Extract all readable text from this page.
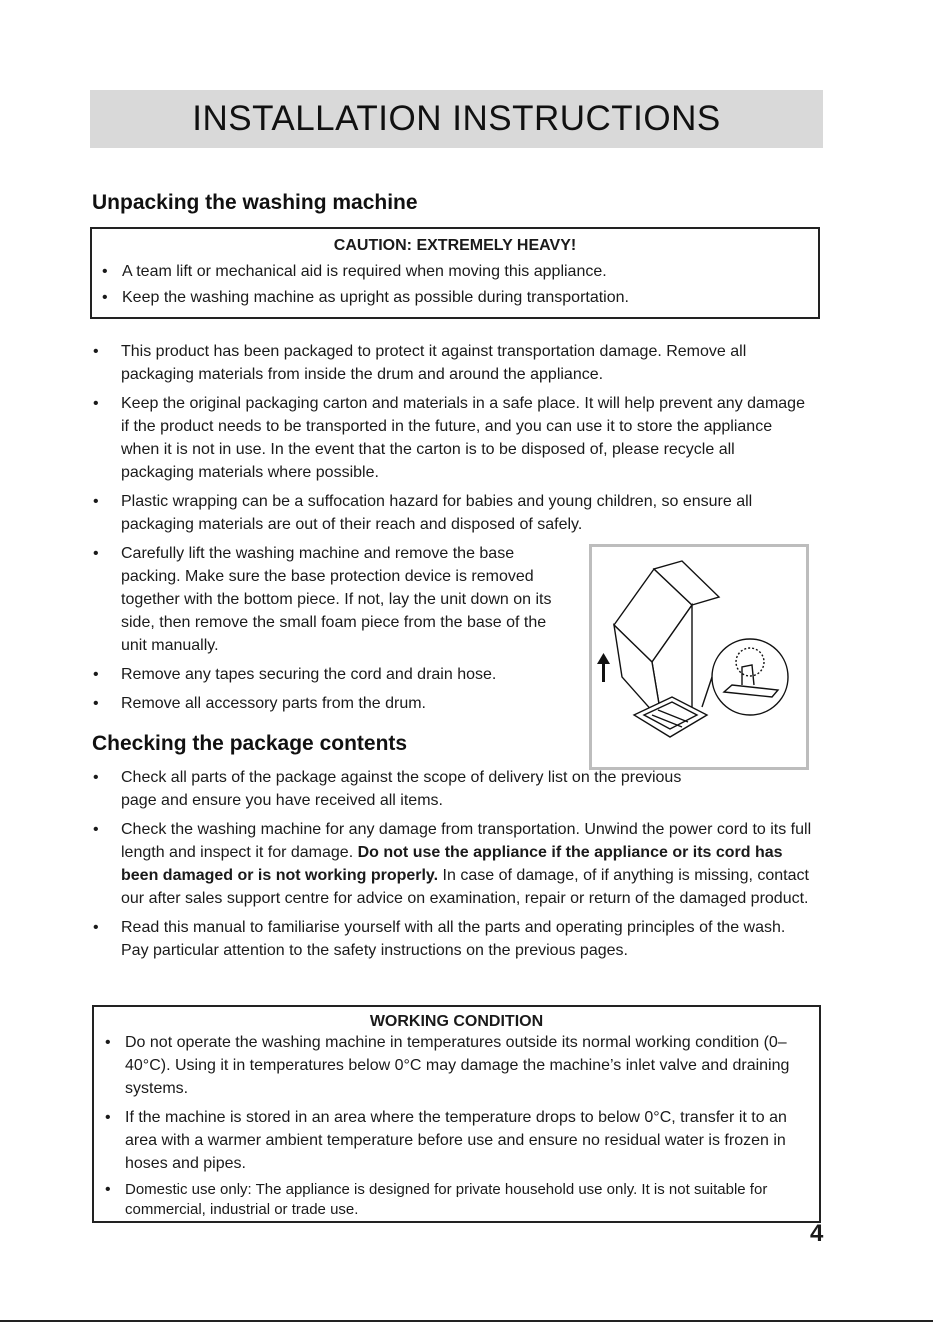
INSTALLATION INSTRUCTIONS
Unpacking the washing machine
CAUTION: EXTREMELY HEAVY!
• A team lift or mechanical aid is required when moving this appliance.
• Keep the washing machine as upright as possible during transportation.
• This product has been packaged to protect it against transportation damage. Remove all packaging materials from inside the drum and around the appliance.
• Keep the original packaging carton and materials in a safe place. It will help prevent any damage if the product needs to be transported in the future, and you can use it to store the appliance when it is not in use. In the event that the carton is to be disposed of, please recycle all packaging materials where possible.
• Plastic wrapping can be a suffocation hazard for babies and young children, so ensure all packaging materials are out of their reach and disposed of safely.
• Carefully lift the washing machine and remove the base packing. Make sure the base protection device is removed together with the bottom piece. If not, lay the unit down on its side, then remove the small foam piece from the base of the unit manually.
• Remove any tapes securing the cord and drain hose.
• Remove all accessory parts from the drum.
Checking the package contents
• Check all parts of the package against the scope of delivery list on the previous page and ensure you have received all items.
• Check the washing machine for any damage from transportation. Unwind the power cord to its full length and inspect it for damage. Do not use the appliance if the appliance or its cord has been damaged or is not working properly. In case of damage, of if anything is missing, contact our after sales support centre for advice on examination, repair or return of the damaged product.
• Read this manual to familiarise yourself with all the parts and operating principles of the wash. Pay particular attention to the safety instructions on the previous pages.
WORKING CONDITION
• Do not operate the washing machine in temperatures outside its normal working condition (0–40°C). Using it in temperatures below 0°C may damage the machine’s inlet valve and draining systems.
• If the machine is stored in an area where the temperature drops to below 0°C, transfer it to an area with a warmer ambient temperature before use and ensure no residual water is frozen in hoses and pipes.
• Domestic use only: The appliance is designed for private household use only. It is not suitable for commercial, industrial or trade use.
4
